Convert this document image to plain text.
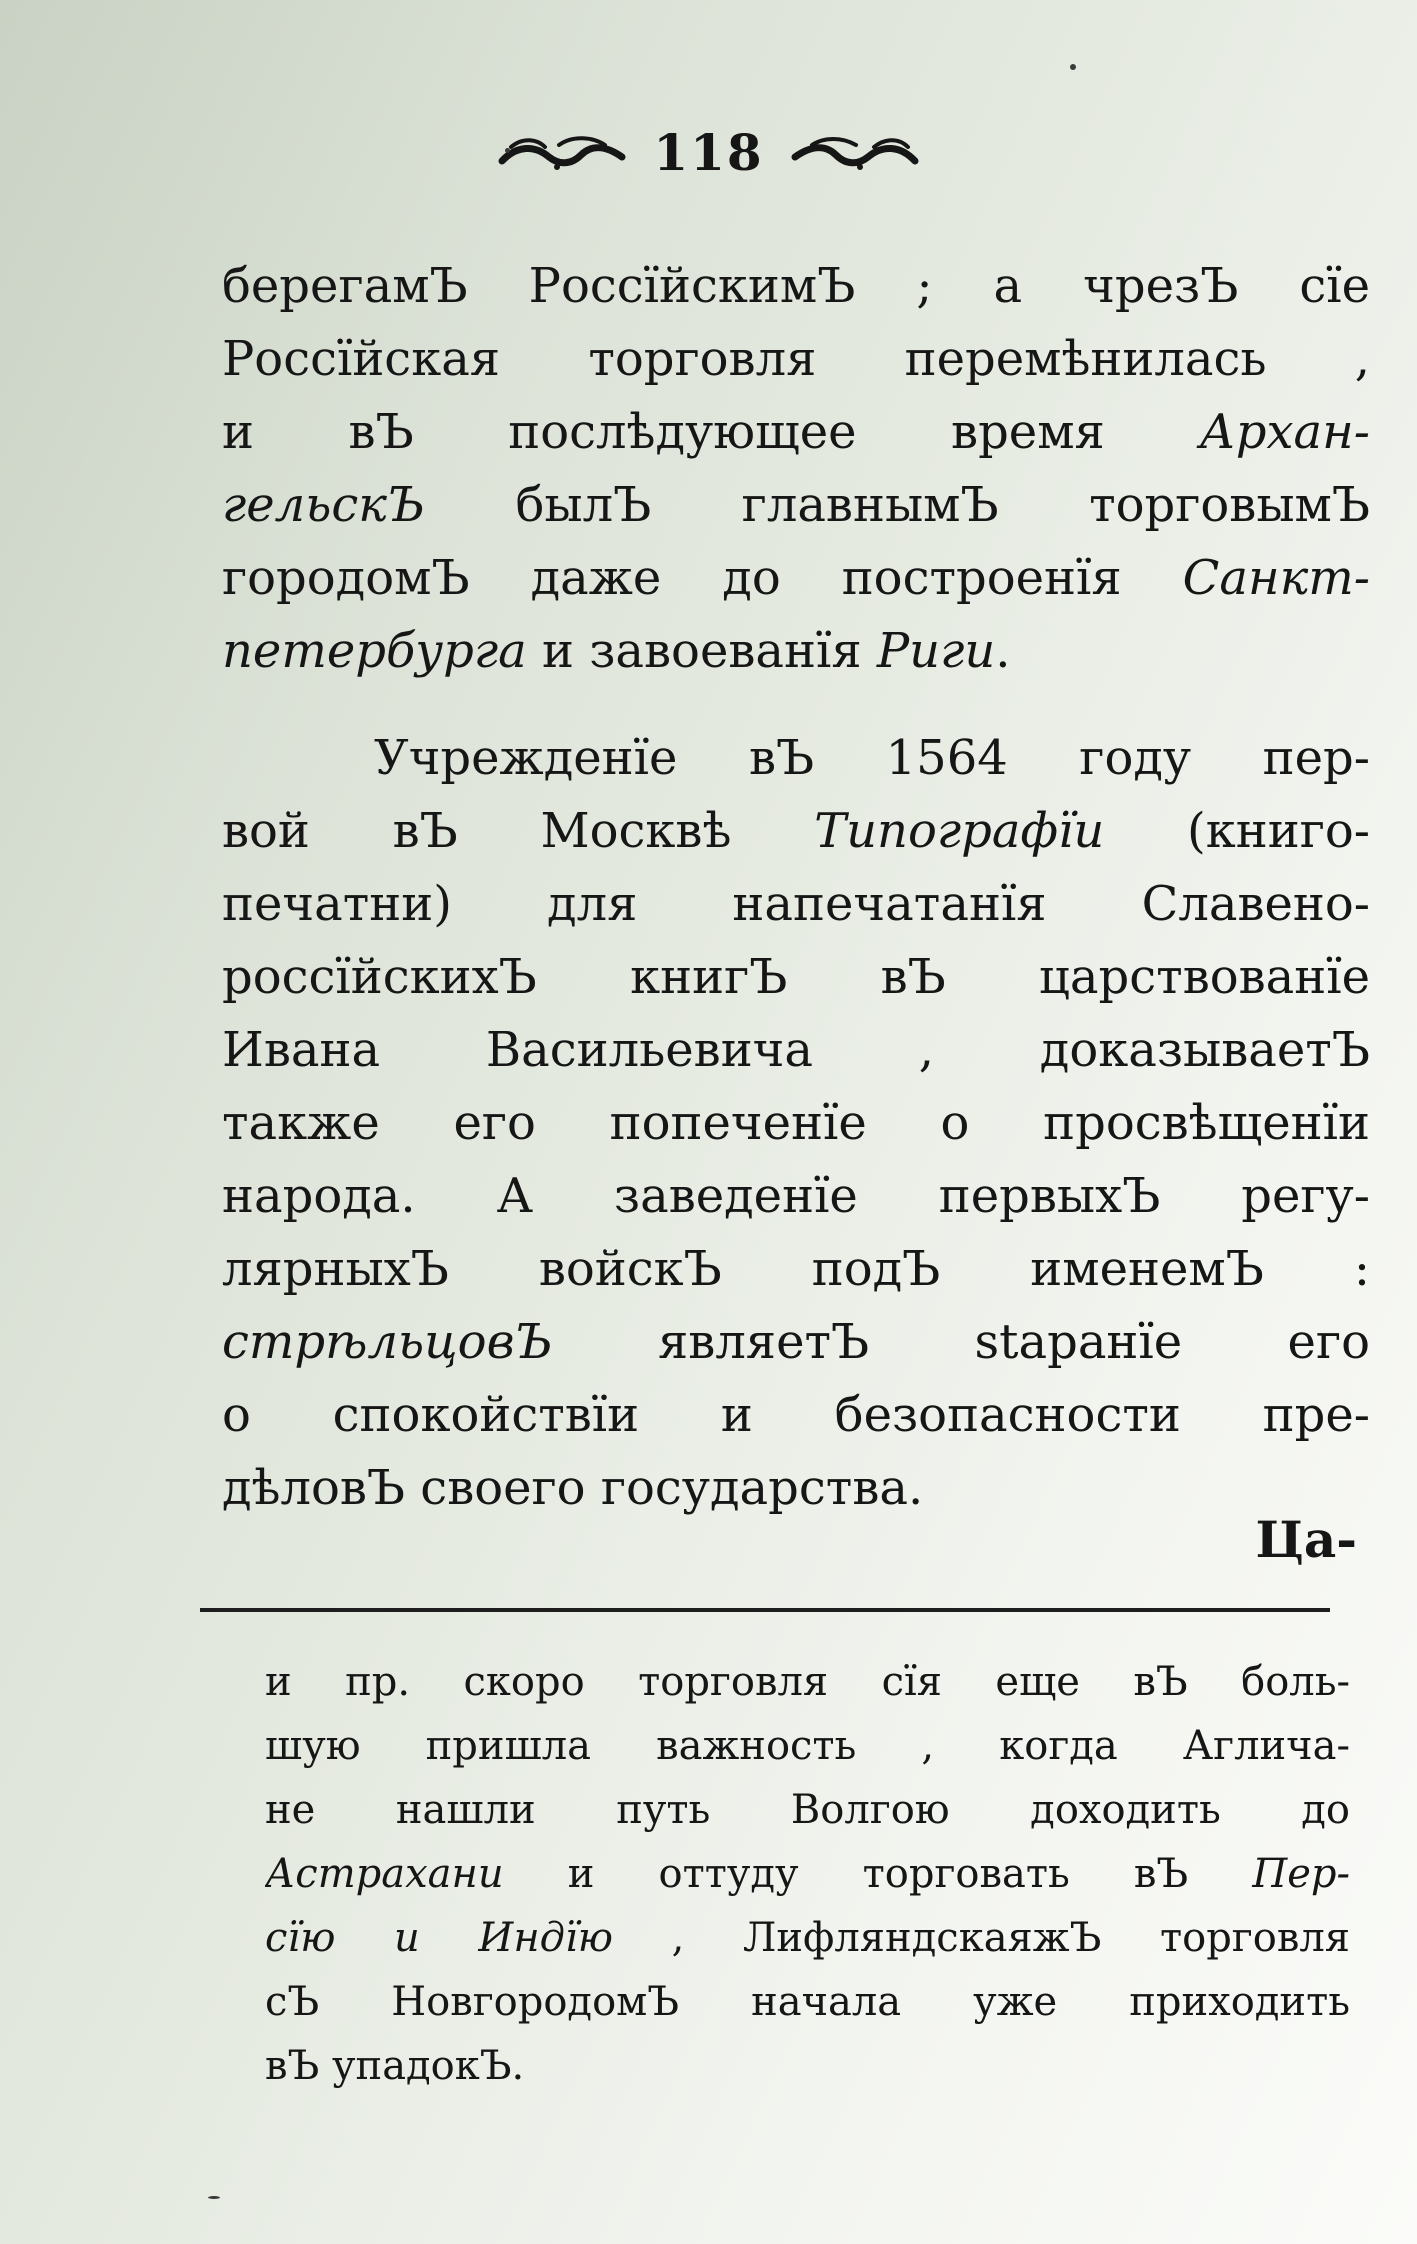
118
берегамЪ РоссїйскимЪ ; а чрезЪ сїе
Россїйская торговля перемѣнилась ,
и вЪ послѣдующее время Архан-
гельскЪ былЪ главнымЪ торговымЪ
городомЪ даже до построенїя Санкт-
петербурга и завоеванїя Риги.
Учрежденїе вЪ 1564 году пер-
вой вЪ Москвѣ Типографїи (книго-
печатни) для напечатанїя Славено-
россїйскихЪ книгЪ вЪ царствованїе
Ивана Васильевича , доказываетЪ
также его попеченїе о просвѣщенїи
народа. А заведенїе первыхЪ регу-
лярныхЪ войскЪ подЪ именемЪ :
стрѣльцовЪ являетЪ staранїе его
о спокойствїи и безопасности пре-
дѣловЪ своего государства.
Ца-
и пр. скоро торговля сїя еще вЪ боль-
шую пришла важность , когда Агличa-
не нашли путь Волгою доходить до
Астрахани и оттуду торговать вЪ Пер-
сїю и Индїю , ЛифляндскаяжЪ торговля
сЪ НовгородомЪ начала уже приходить
вЪ упадокЪ.
